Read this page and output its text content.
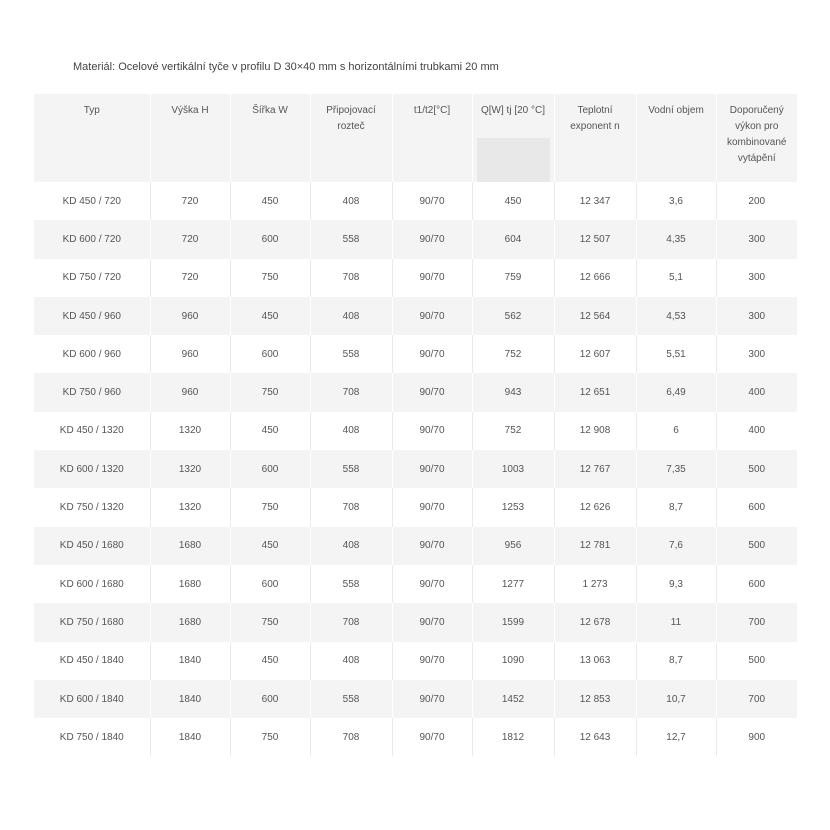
Materiál: Ocelové vertikální tyče v profilu D 30×40 mm s horizontálními trubkami 20 mm
Typ	Výška H	Šířka W	Připojovací rozteč	t1/t2[°C]	Q[W] tj [20 °C]	Teplotní exponent n	Vodní objem	Doporučený výkon pro kombinované vytápění
KD 450 / 720	720	450	408	90/70	450	12 347	3,6	200
KD 600 / 720	720	600	558	90/70	604	12 507	4,35	300
KD 750 / 720	720	750	708	90/70	759	12 666	5,1	300
KD 450 / 960	960	450	408	90/70	562	12 564	4,53	300
KD 600 / 960	960	600	558	90/70	752	12 607	5,51	300
KD 750 / 960	960	750	708	90/70	943	12 651	6,49	400
KD 450 / 1320	1320	450	408	90/70	752	12 908	6	400
KD 600 / 1320	1320	600	558	90/70	1003	12 767	7,35	500
KD 750 / 1320	1320	750	708	90/70	1253	12 626	8,7	600
KD 450 / 1680	1680	450	408	90/70	956	12 781	7,6	500
KD 600 / 1680	1680	600	558	90/70	1277	1 273	9,3	600
KD 750 / 1680	1680	750	708	90/70	1599	12 678	11	700
KD 450 / 1840	1840	450	408	90/70	1090	13 063	8,7	500
KD 600 / 1840	1840	600	558	90/70	1452	12 853	10,7	700
KD 750 / 1840	1840	750	708	90/70	1812	12 643	12,7	900
